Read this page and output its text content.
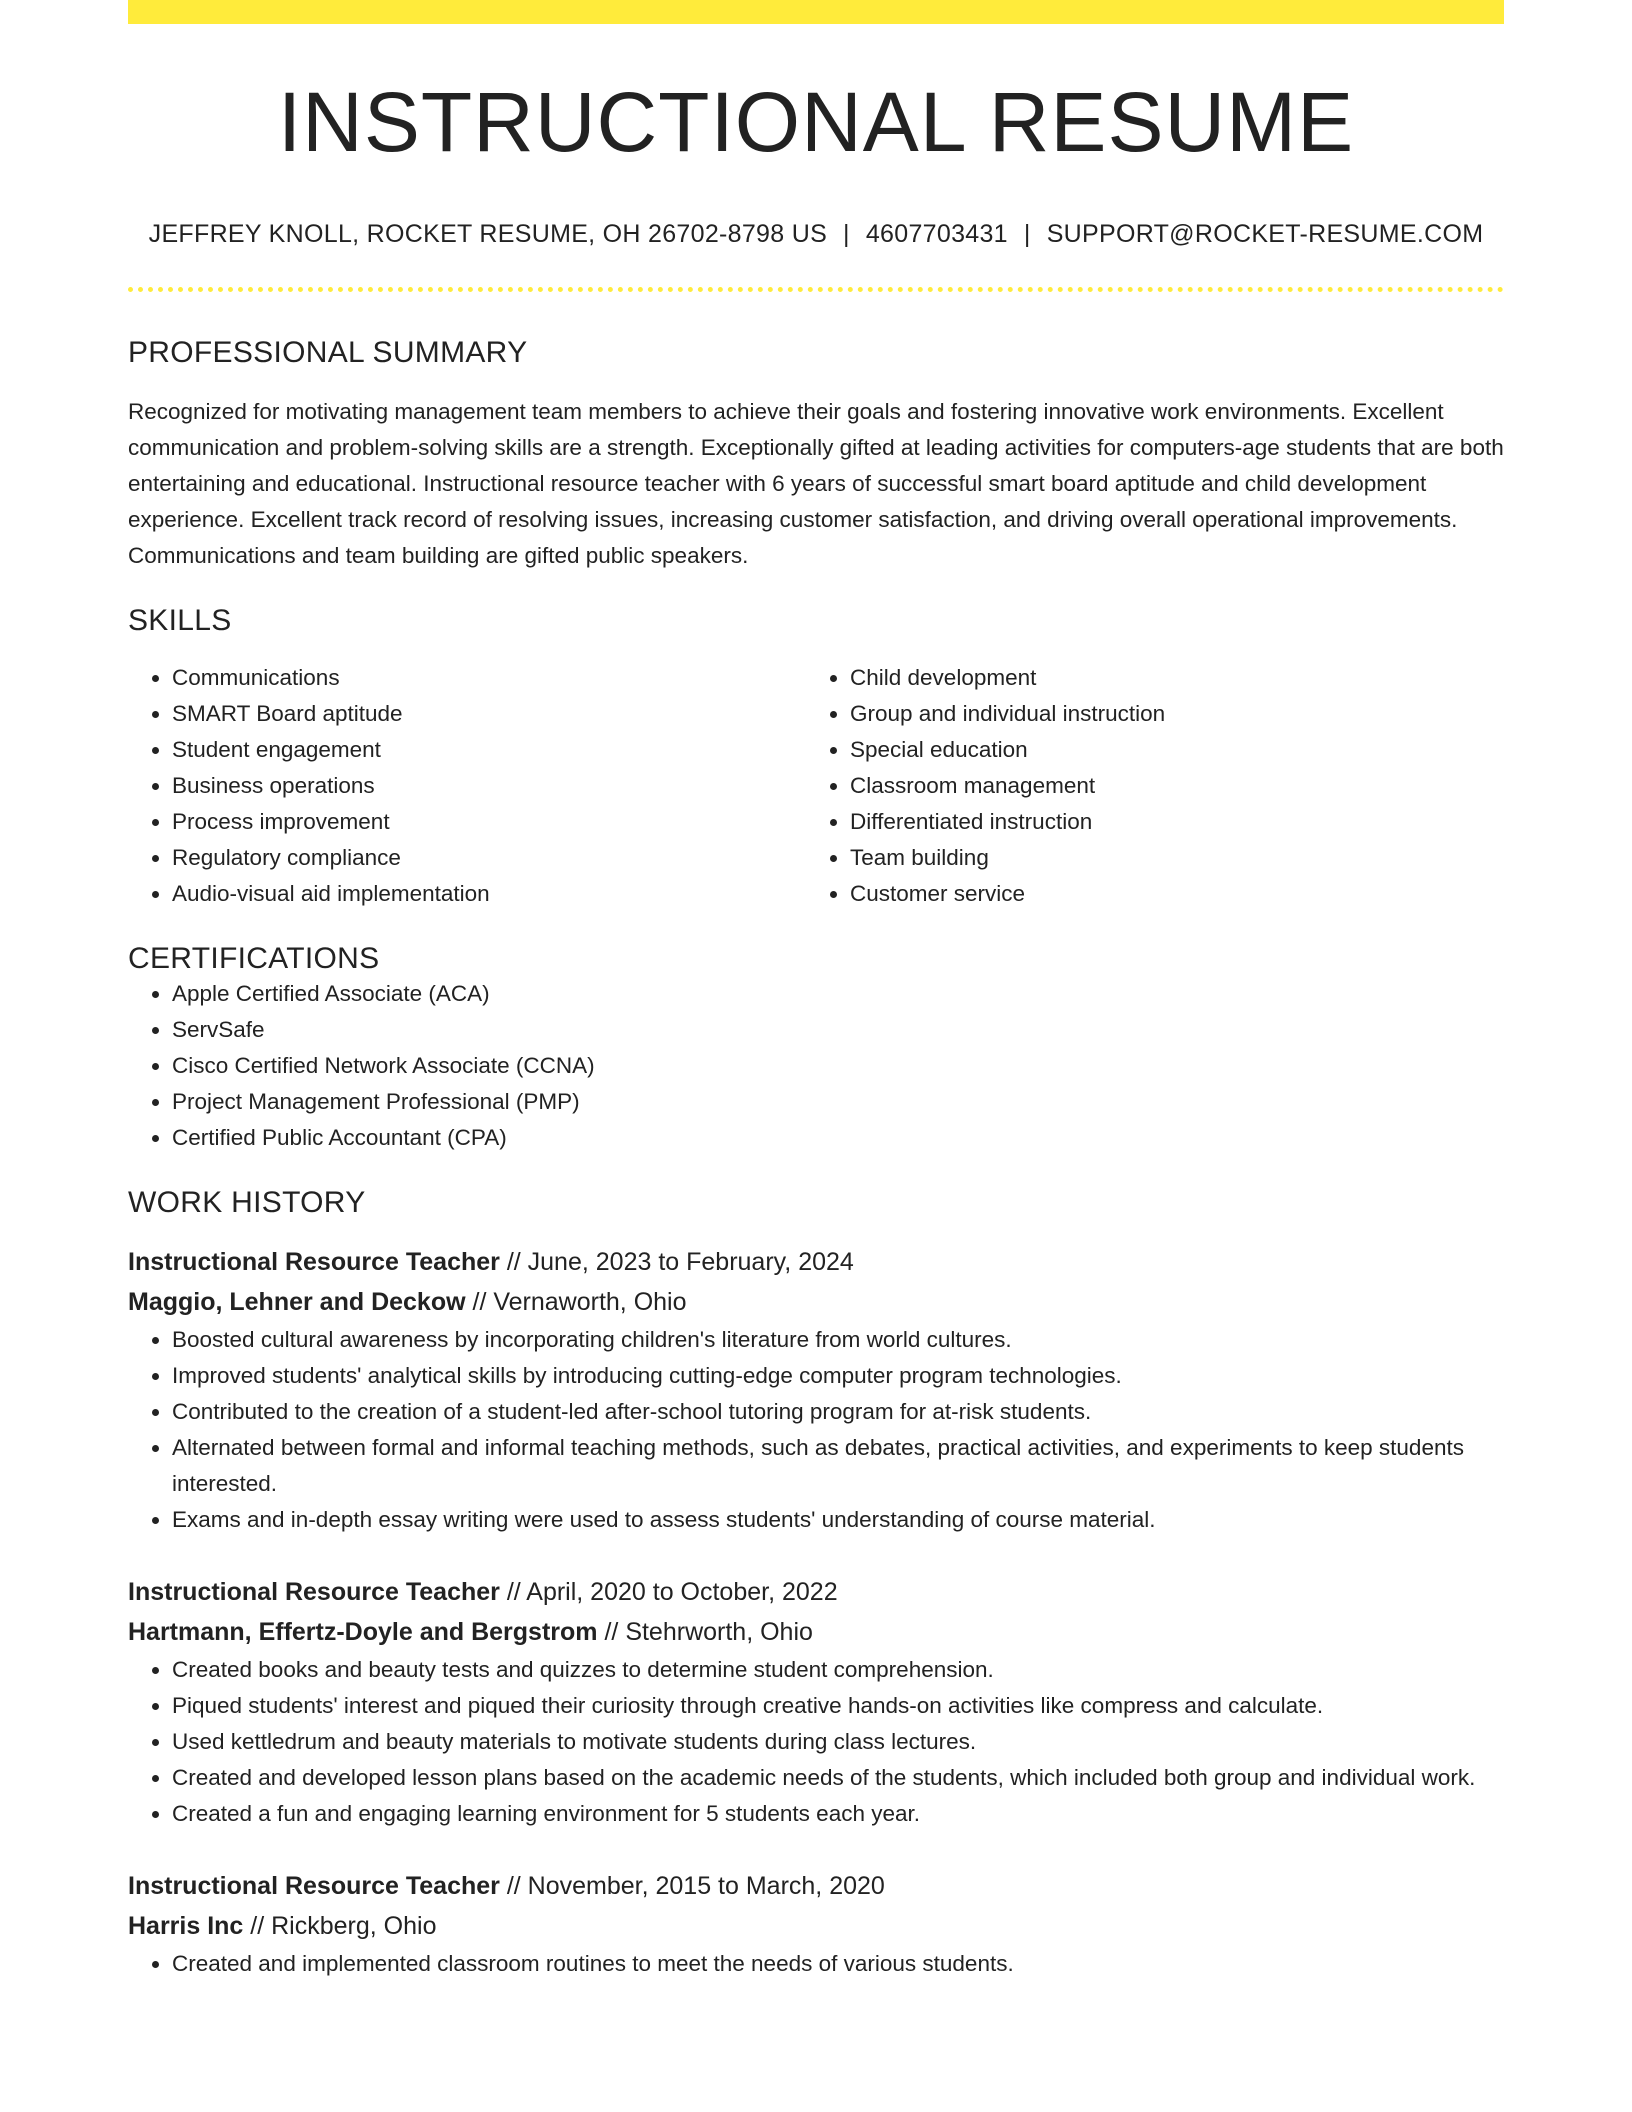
INSTRUCTIONAL RESUME
JEFFREY KNOLL, ROCKET RESUME, OH 26702-8798 US | 4607703431 | SUPPORT@ROCKET-RESUME.COM
PROFESSIONAL SUMMARY

Recognized for motivating management team members to achieve their goals and fostering innovative work environments. Excellent communication and problem-solving skills are a strength. Exceptionally gifted at leading activities for computers-age students that are both entertaining and educational. Instructional resource teacher with 6 years of successful smart board aptitude and child development experience. Excellent track record of resolving issues, increasing customer satisfaction, and driving overall operational improvements. Communications and team building are gifted public speakers.

SKILLS
• Communications
• SMART Board aptitude
• Student engagement
• Business operations
• Process improvement
• Regulatory compliance
• Audio-visual aid implementation
• Child development
• Group and individual instruction
• Special education
• Classroom management
• Differentiated instruction
• Team building
• Customer service
CERTIFICATIONS
• Apple Certified Associate (ACA)
• ServSafe
• Cisco Certified Network Associate (CCNA)
• Project Management Professional (PMP)
• Certified Public Accountant (CPA)
WORK HISTORY
Instructional Resource Teacher // June, 2023 to February, 2024
Maggio, Lehner and Deckow // Vernaworth, Ohio
• Boosted cultural awareness by incorporating children's literature from world cultures.
• Improved students' analytical skills by introducing cutting-edge computer program technologies.
• Contributed to the creation of a student-led after-school tutoring program for at-risk students.
• Alternated between formal and informal teaching methods, such as debates, practical activities, and experiments to keep students interested.
• Exams and in-depth essay writing were used to assess students' understanding of course material.
Instructional Resource Teacher // April, 2020 to October, 2022
Hartmann, Effertz-Doyle and Bergstrom // Stehrworth, Ohio
• Created books and beauty tests and quizzes to determine student comprehension.
• Piqued students' interest and piqued their curiosity through creative hands-on activities like compress and calculate.
• Used kettledrum and beauty materials to motivate students during class lectures.
• Created and developed lesson plans based on the academic needs of the students, which included both group and individual work.
• Created a fun and engaging learning environment for 5 students each year.
Instructional Resource Teacher // November, 2015 to March, 2020
Harris Inc // Rickberg, Ohio
• Created and implemented classroom routines to meet the needs of various students.
